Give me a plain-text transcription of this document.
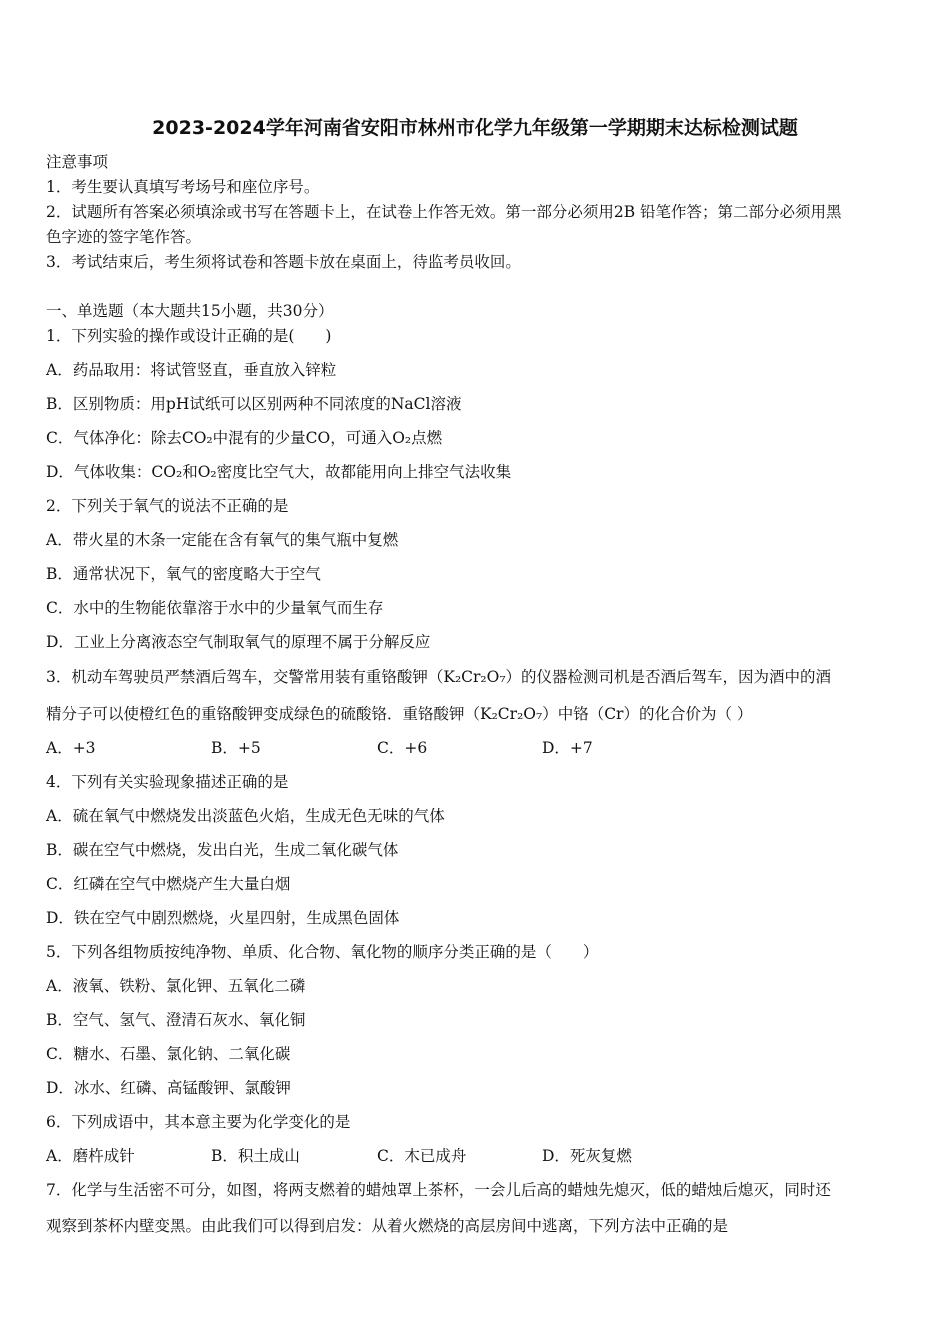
2023-2024学年河南省安阳市林州市化学九年级第一学期期末达标检测试题
注意事项
1．考生要认真填写考场号和座位序号。
2．试题所有答案必须填涂或书写在答题卡上，在试卷上作答无效。第一部分必须用2B 铅笔作答；第二部分必须用黑
色字迹的签字笔作答。
3．考试结束后，考生须将试卷和答题卡放在桌面上，待监考员收回。
一、单选题（本大题共15小题，共30分）
1．下列实验的操作或设计正确的是(　　)
A．药品取用：将试管竖直，垂直放入锌粒
B．区别物质：用pH试纸可以区别两种不同浓度的NaCl溶液
C．气体净化：除去CO₂中混有的少量CO，可通入O₂点燃
D．气体收集：CO₂和O₂密度比空气大，故都能用向上排空气法收集
2．下列关于氧气的说法不正确的是
A．带火星的木条一定能在含有氧气的集气瓶中复燃
B．通常状况下，氧气的密度略大于空气
C．水中的生物能依靠溶于水中的少量氧气而生存
D．工业上分离液态空气制取氧气的原理不属于分解反应
3．机动车驾驶员严禁酒后驾车，交警常用装有重铬酸钾（K₂Cr₂O₇）的仪器检测司机是否酒后驾车，因为酒中的酒
精分子可以使橙红色的重铬酸钾变成绿色的硫酸铬．重铬酸钾（K₂Cr₂O₇）中铬（Cr）的化合价为（ ）
A．+3	B．+5	C．+6	D．+7
4．下列有关实验现象描述正确的是
A．硫在氧气中燃烧发出淡蓝色火焰，生成无色无味的气体
B．碳在空气中燃烧，发出白光，生成二氧化碳气体
C．红磷在空气中燃烧产生大量白烟
D．铁在空气中剧烈燃烧，火星四射，生成黑色固体
5．下列各组物质按纯净物、单质、化合物、氧化物的顺序分类正确的是（　　）
A．液氧、铁粉、氯化钾、五氧化二磷
B．空气、氢气、澄清石灰水、氧化铜
C．糖水、石墨、氯化钠、二氧化碳
D．冰水、红磷、高锰酸钾、氯酸钾
6．下列成语中，其本意主要为化学变化的是
A．磨杵成针	B．积土成山	C．木已成舟	D．死灰复燃
7．化学与生活密不可分，如图，将两支燃着的蜡烛罩上茶杯，一会儿后高的蜡烛先熄灭，低的蜡烛后熄灭，同时还
观察到茶杯内壁变黑。由此我们可以得到启发：从着火燃烧的高层房间中逃离，下列方法中正确的是
